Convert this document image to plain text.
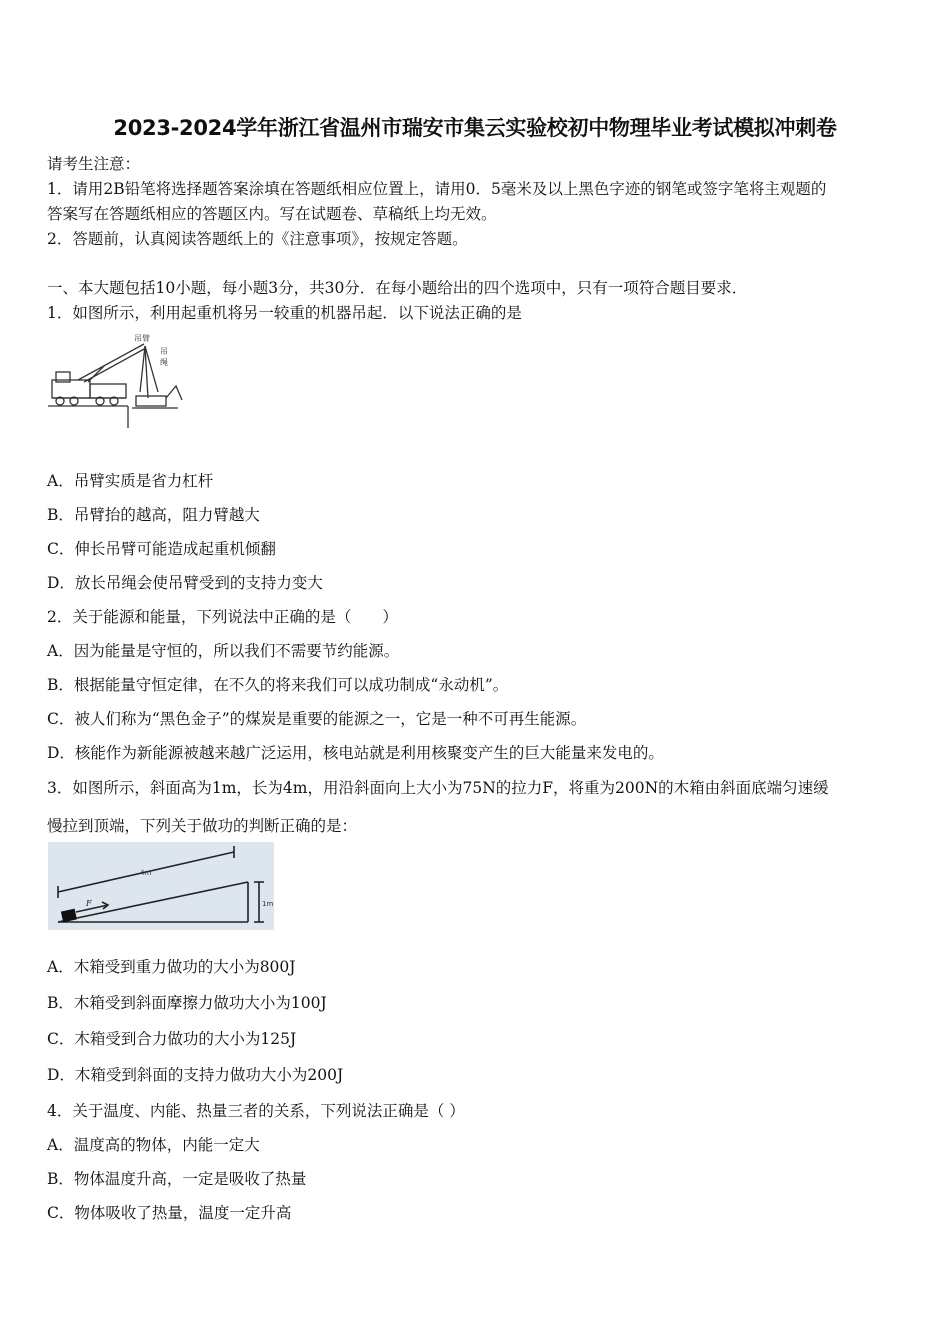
2023-2024学年浙江省温州市瑞安市集云实验校初中物理毕业考试模拟冲刺卷
请考生注意：
1．请用2B铅笔将选择题答案涂填在答题纸相应位置上，请用0．5毫米及以上黑色字迹的钢笔或签字笔将主观题的
答案写在答题纸相应的答题区内。写在试题卷、草稿纸上均无效。
2．答题前，认真阅读答题纸上的《注意事项》，按规定答题。
一、本大题包括10小题，每小题3分，共30分．在每小题给出的四个选项中，只有一项符合题目要求．
1．如图所示，利用起重机将另一较重的机器吊起．以下说法正确的是
吊臂
吊
绳
A．吊臂实质是省力杠杆
B．吊臂抬的越高，阻力臂越大
C．伸长吊臂可能造成起重机倾翻
D．放长吊绳会使吊臂受到的支持力变大
2．关于能源和能量，下列说法中正确的是（　　）
A．因为能量是守恒的，所以我们不需要节约能源。
B．根据能量守恒定律，在不久的将来我们可以成功制成“永动机”。
C．被人们称为“黑色金子”的煤炭是重要的能源之一，它是一种不可再生能源。
D．核能作为新能源被越来越广泛运用，核电站就是利用核聚变产生的巨大能量来发电的。
3．如图所示，斜面高为1m，长为4m，用沿斜面向上大小为75N的拉力F，将重为200N的木箱由斜面底端匀速缓
慢拉到顶端，下列关于做功的判断正确的是：
4m
F	1m
A．木箱受到重力做功的大小为800J
B．木箱受到斜面摩擦力做功大小为100J
C．木箱受到合力做功的大小为125J
D．木箱受到斜面的支持力做功大小为200J
4．关于温度、内能、热量三者的关系，下列说法正确是（ ）
A．温度高的物体，内能一定大
B．物体温度升高，一定是吸收了热量
C．物体吸收了热量，温度一定升高
